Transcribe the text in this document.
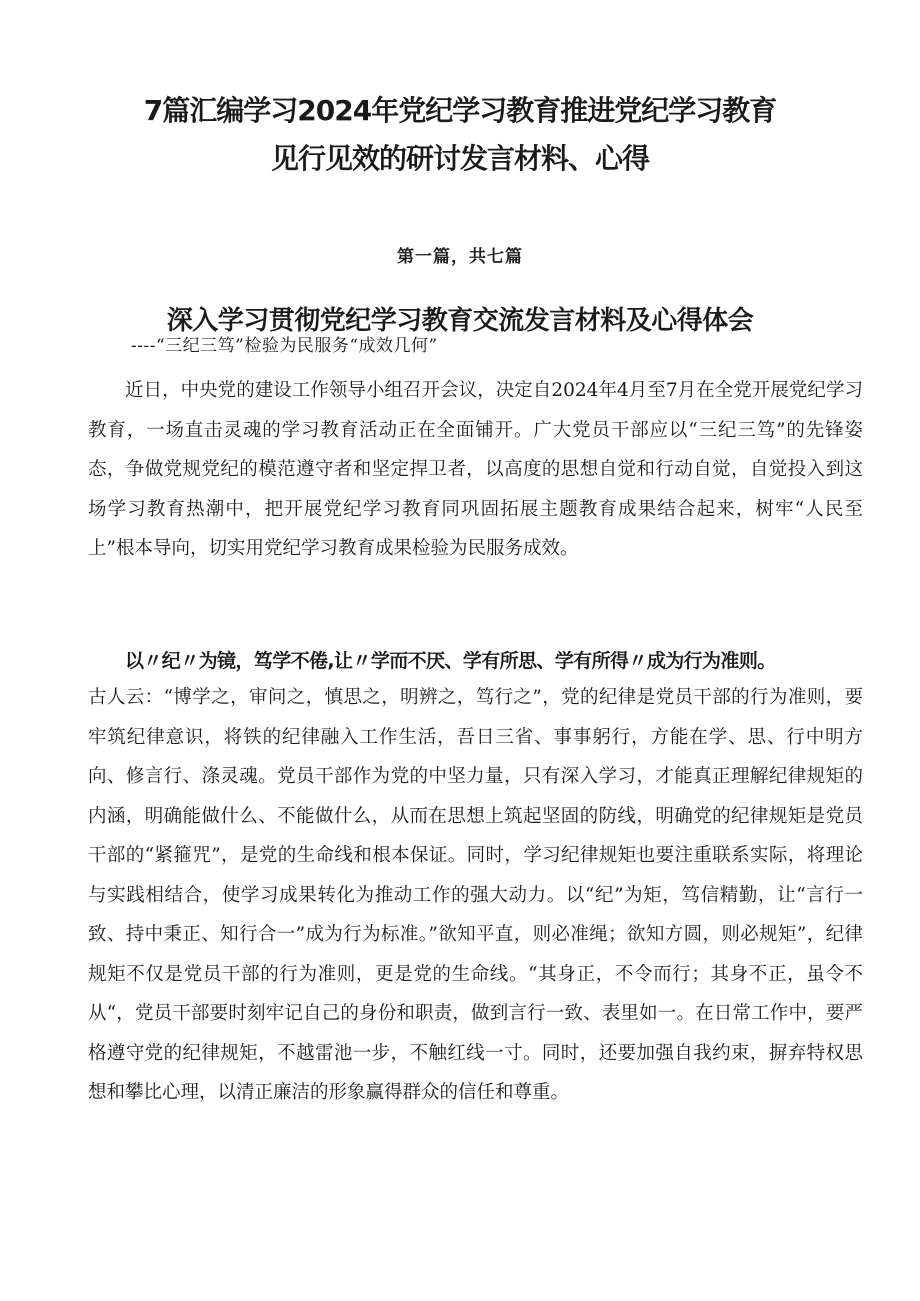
7篇汇编学习2024年党纪学习教育推进党纪学习教育
见行见效的研讨发言材料、心得
第一篇，共七篇
深入学习贯彻党纪学习教育交流发言材料及心得体会
----“三纪三笃”检验为民服务“成效几何”

近日，中央党的建设工作领导小组召开会议，决定自2024年4月至7月在全党开展党纪学习教育，一场直击灵魂的学习教育活动正在全面铺开。广大党员干部应以“三纪三笃”的先锋姿态，争做党规党纪的模范遵守者和坚定捍卫者，以高度的思想自觉和行动自觉，自觉投入到这场学习教育热潮中，把开展党纪学习教育同巩固拓展主题教育成果结合起来，树牢“人民至上”根本导向，切实用党纪学习教育成果检验为民服务成效。

以〃纪〃为镜，笃学不倦,让〃学而不厌、学有所思、学有所得〃成为行为准则。

古人云：“博学之，审问之，慎思之，明辨之，笃行之”，党的纪律是党员干部的行为准则，要牢筑纪律意识，将铁的纪律融入工作生活，吾日三省、事事躬行，方能在学、思、行中明方向、修言行、涤灵魂。党员干部作为党的中坚力量，只有深入学习，才能真正理解纪律规矩的内涵，明确能做什么、不能做什么，从而在思想上筑起坚固的防线，明确党的纪律规矩是党员干部的“紧箍咒”，是党的生命线和根本保证。同时，学习纪律规矩也要注重联系实际，将理论与实践相结合，使学习成果转化为推动工作的强大动力。以“纪”为矩，笃信精勤，让“言行一致、持中秉正、知行合一”成为行为标准。”欲知平直，则必准绳；欲知方圆，则必规矩”，纪律规矩不仅是党员干部的行为准则，更是党的生命线。“其身正，不令而行；其身不正，虽令不从“，党员干部要时刻牢记自己的身份和职责，做到言行一致、表里如一。在日常工作中，要严格遵守党的纪律规矩，不越雷池一步，不触红线一寸。同时，还要加强自我约束，摒弃特权思想和攀比心理，以清正廉洁的形象赢得群众的信任和尊重。
